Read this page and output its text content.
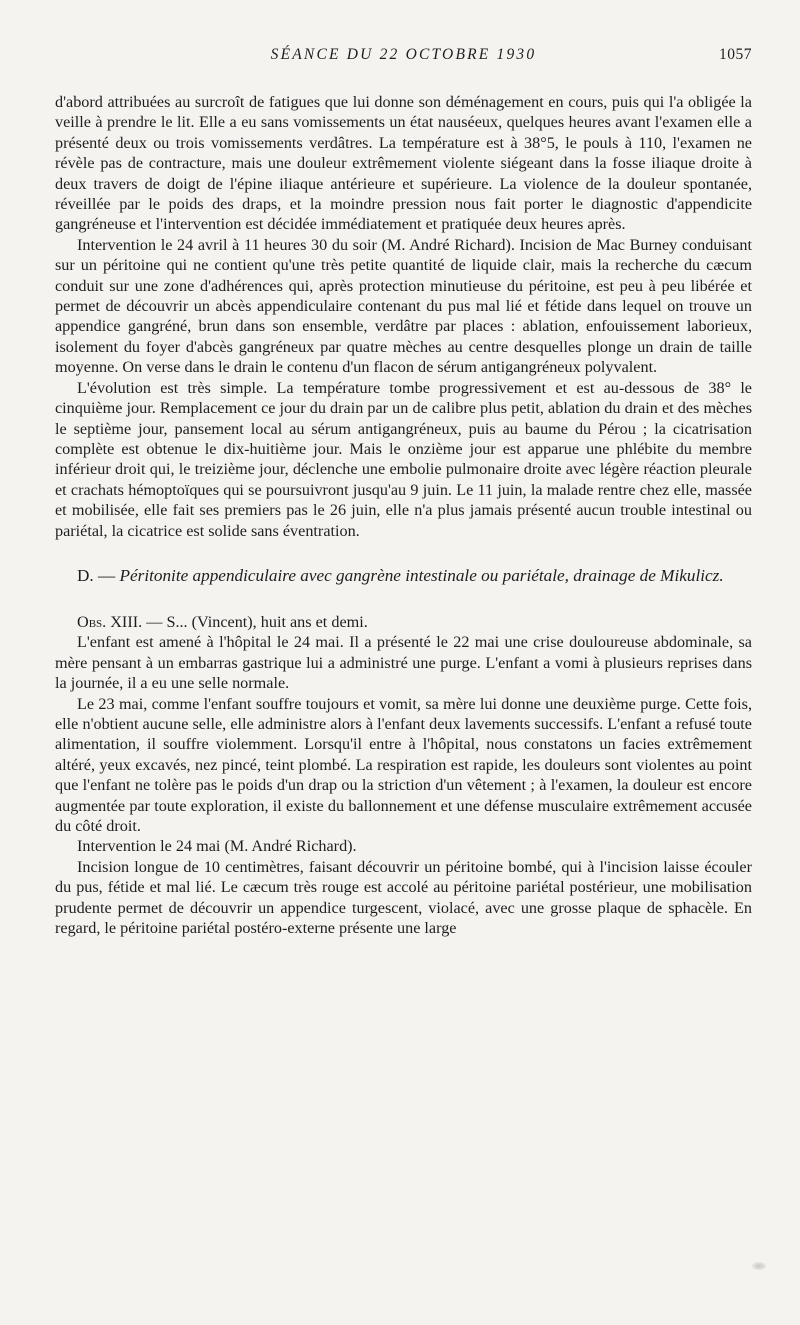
SÉANCE DU 22 OCTOBRE 1930	1057

d'abord attribuées au surcroît de fatigues que lui donne son déménagement en cours, puis qui l'a obligée la veille à prendre le lit. Elle a eu sans vomissements un état nauséeux, quelques heures avant l'examen elle a présenté deux ou trois vomissements verdâtres. La température est à 38°5, le pouls à 110, l'examen ne révèle pas de contracture, mais une douleur extrêmement violente siégeant dans la fosse iliaque droite à deux travers de doigt de l'épine iliaque antérieure et supérieure. La violence de la douleur spontanée, réveillée par le poids des draps, et la moindre pression nous fait porter le diagnostic d'appendicite gangréneuse et l'intervention est décidée immédiatement et pratiquée deux heures après.

Intervention le 24 avril à 11 heures 30 du soir (M. André Richard). Incision de Mac Burney conduisant sur un péritoine qui ne contient qu'une très petite quantité de liquide clair, mais la recherche du cæcum conduit sur une zone d'adhérences qui, après protection minutieuse du péritoine, est peu à peu libérée et permet de découvrir un abcès appendiculaire contenant du pus mal lié et fétide dans lequel on trouve un appendice gangréné, brun dans son ensemble, verdâtre par places : ablation, enfouissement laborieux, isolement du foyer d'abcès gangréneux par quatre mèches au centre desquelles plonge un drain de taille moyenne. On verse dans le drain le contenu d'un flacon de sérum antigangréneux polyvalent.

L'évolution est très simple. La température tombe progressivement et est au-dessous de 38° le cinquième jour. Remplacement ce jour du drain par un de calibre plus petit, ablation du drain et des mèches le septième jour, pansement local au sérum antigangréneux, puis au baume du Pérou ; la cicatrisation complète est obtenue le dix-huitième jour. Mais le onzième jour est apparue une phlébite du membre inférieur droit qui, le treizième jour, déclenche une embolie pulmonaire droite avec légère réaction pleurale et crachats hémoptoïques qui se poursuivront jusqu'au 9 juin. Le 11 juin, la malade rentre chez elle, massée et mobilisée, elle fait ses premiers pas le 26 juin, elle n'a plus jamais présenté aucun trouble intestinal ou pariétal, la cicatrice est solide sans éventration.

D. — Péritonite appendiculaire avec gangrène intestinale ou pariétale, drainage de Mikulicz.

Obs. XIII. — S... (Vincent), huit ans et demi.

L'enfant est amené à l'hôpital le 24 mai. Il a présenté le 22 mai une crise douloureuse abdominale, sa mère pensant à un embarras gastrique lui a administré une purge. L'enfant a vomi à plusieurs reprises dans la journée, il a eu une selle normale.

Le 23 mai, comme l'enfant souffre toujours et vomit, sa mère lui donne une deuxième purge. Cette fois, elle n'obtient aucune selle, elle administre alors à l'enfant deux lavements successifs. L'enfant a refusé toute alimentation, il souffre violemment. Lorsqu'il entre à l'hôpital, nous constatons un facies extrêmement altéré, yeux excavés, nez pincé, teint plombé. La respiration est rapide, les douleurs sont violentes au point que l'enfant ne tolère pas le poids d'un drap ou la striction d'un vêtement ; à l'examen, la douleur est encore augmentée par toute exploration, il existe du ballonnement et une défense musculaire extrêmement accusée du côté droit.

Intervention le 24 mai (M. André Richard).

Incision longue de 10 centimètres, faisant découvrir un péritoine bombé, qui à l'incision laisse écouler du pus, fétide et mal lié. Le cæcum très rouge est accolé au péritoine pariétal postérieur, une mobilisation prudente permet de découvrir un appendice turgescent, violacé, avec une grosse plaque de sphacèle. En regard, le péritoine pariétal postéro-externe présente une large
